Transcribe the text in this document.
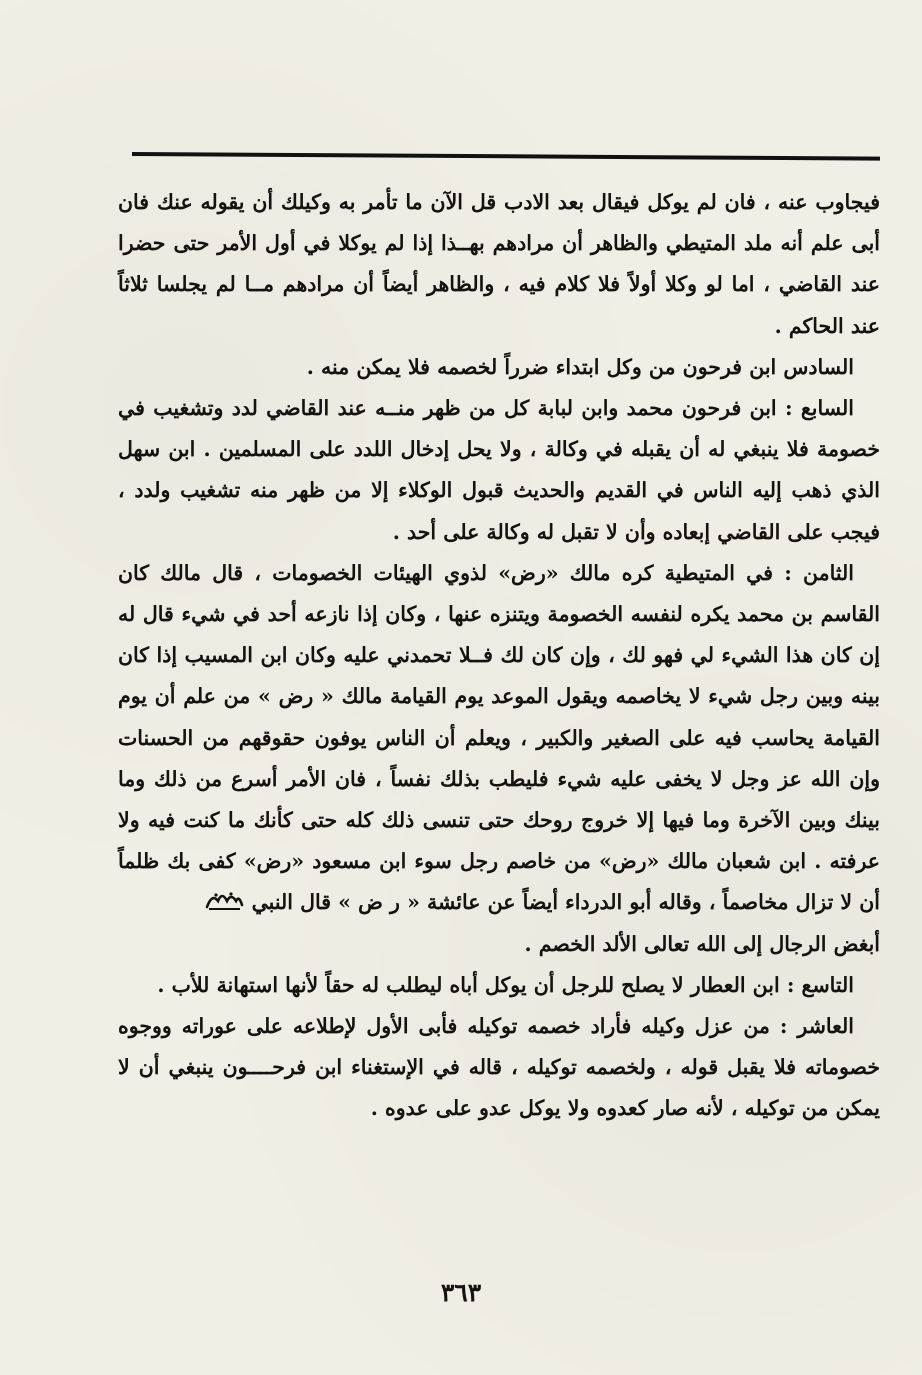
فيجاوب عنه ، فان لم يوكل فيقال بعد الادب قل الآن ما تأمر به وكيلك أن يقوله عنك فان أبى علم أنه ملد المتيطي والظاهر أن مرادهم بهــذا إذا لم يوكلا في أول الأمر حتى حضرا عند القاضي ، اما لو وكلا أولاً فلا كلام فيه ، والظاهر أيضاً أن مرادهم مــا لم يجلسا ثلاثاً عند الحاكم .

السادس ابن فرحون من وكل ابتداء ضرراً لخصمه فلا يمكن منه .

السابع : ابن فرحون محمد وابن لبابة كل من ظهر منــه عند القاضي لدد وتشغيب في خصومة فلا ينبغي له أن يقبله في وكالة ، ولا يحل إدخال اللدد على المسلمين . ابن سهل الذي ذهب إليه الناس في القديم والحديث قبول الوكلاء إلا من ظهر منه تشغيب ولدد ، فيجب على القاضي إبعاده وأن لا تقبل له وكالة على أحد .

الثامن : في المتيطية كره مالك «رض» لذوي الهيئات الخصومات ، قال مالك كان القاسم بن محمد يكره لنفسه الخصومة ويتنزه عنها ، وكان إذا نازعه أحد في شيء قال له إن كان هذا الشيء لي فهو لك ، وإن كان لك فــلا تحمدني عليه وكان ابن المسيب إذا كان بينه وبين رجل شيء لا يخاصمه ويقول الموعد يوم القيامة مالك « رض » من علم أن يوم القيامة يحاسب فيه على الصغير والكبير ، ويعلم أن الناس يوفون حقوقهم من الحسنات وإن الله عز وجل لا يخفى عليه شيء فليطب بذلك نفساً ، فان الأمر أسرع من ذلك وما بينك وبين الآخرة وما فيها إلا خروج روحك حتى تنسى ذلك كله حتى كأنك ما كنت فيه ولا عرفته . ابن شعبان مالك «رض» من خاصم رجل سوء ابن مسعود «رض» كفى بك ظلماً أن لا تزال مخاصماً ، وقاله أبو الدرداء أيضاً عن عائشة « ر ض » قال النبي

أبغض الرجال إلى الله تعالى الألد الخصم .

التاسع : ابن العطار لا يصلح للرجل أن يوكل أباه ليطلب له حقاً لأنها استهانة للأب .

العاشر : من عزل وكيله فأراد خصمه توكيله فأبى الأول لإطلاعه على عوراته ووجوه خصوماته فلا يقبل قوله ، ولخصمه توكيله ، قاله في الإستغناء ابن فرحــــون ينبغي أن لا يمكن من توكيله ، لأنه صار كعدوه ولا يوكل عدو على عدوه .

٣٦٣
